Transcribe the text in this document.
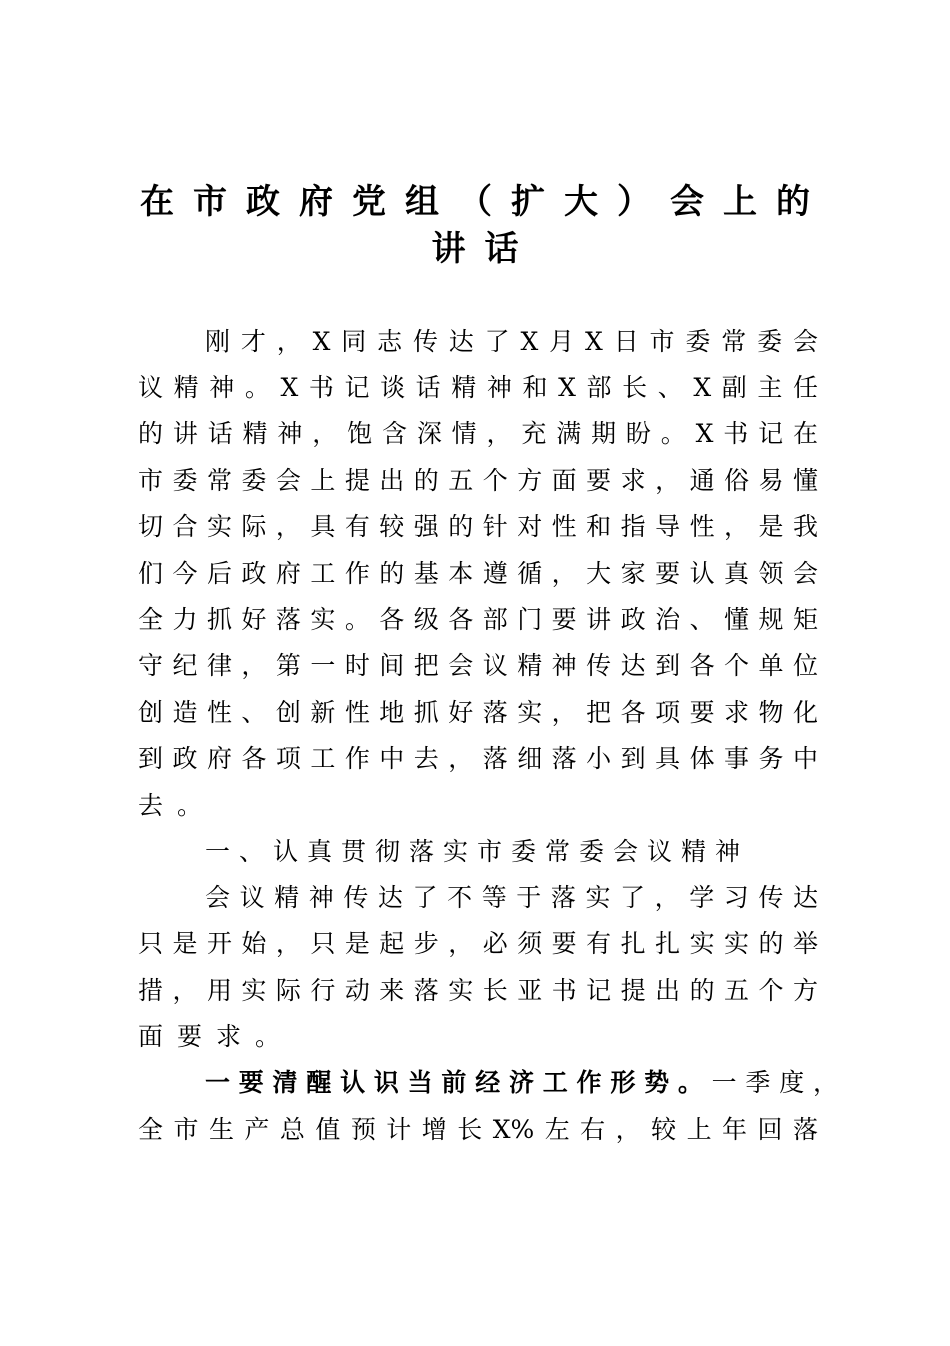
在市政府党组（扩大）会上的
讲话
刚才，X同志传达了X月X日市委常委会
议精神。X书记谈话精神和X部长、X副主任
的讲话精神，饱含深情，充满期盼。X书记在
市委常委会上提出的五个方面要求，通俗易懂
切合实际，具有较强的针对性和指导性，是我
们今后政府工作的基本遵循，大家要认真领会
全力抓好落实。各级各部门要讲政治、懂规矩
守纪律，第一时间把会议精神传达到各个单位
创造性、创新性地抓好落实，把各项要求物化
到政府各项工作中去，落细落小到具体事务中
去。
一、认真贯彻落实市委常委会议精神
会议精神传达了不等于落实了，学习传达
只是开始，只是起步，必须要有扎扎实实的举
措，用实际行动来落实长亚书记提出的五个方
面要求。
一要清醒认识当前经济工作形势。一季度，
全市生产总值预计增长X%左右，较上年回落
